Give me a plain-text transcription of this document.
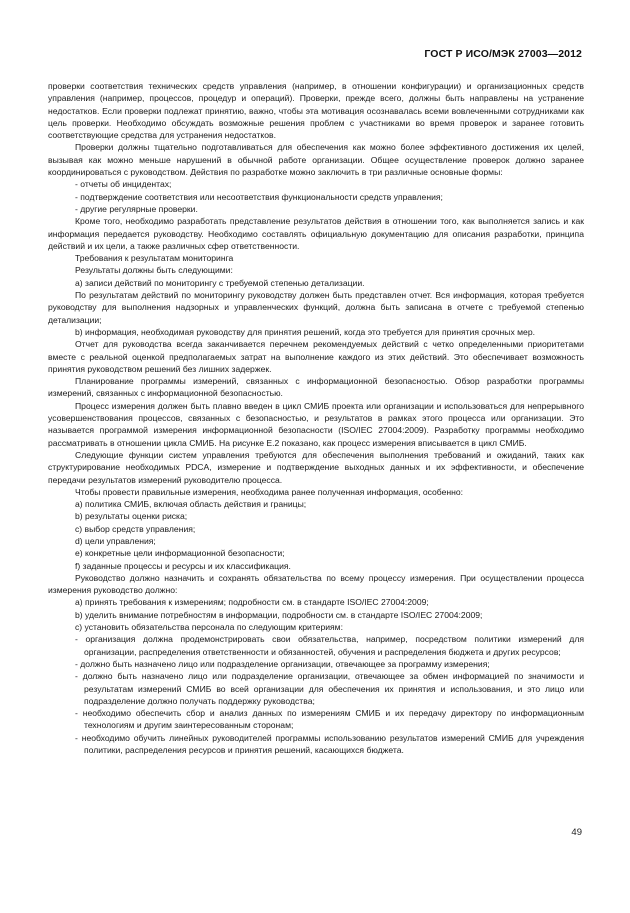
ГОСТ Р ИСО/МЭК 27003—2012

проверки соответствия технических средств управления (например, в отношении конфигурации) и организационных средств управления (например, процессов, процедур и операций). Проверки, прежде всего, должны быть направлены на устранение недостатков. Если проверки подлежат принятию, важно, чтобы эта мотивация осознавалась всеми вовлеченными сотрудниками как цель проверки. Необходимо обсуждать возможные решения проблем с участниками во время проверок и заранее готовить соответствующие средства для устранения недостатков.

Проверки должны тщательно подготавливаться для обеспечения как можно более эффективного достижения их целей, вызывая как можно меньше нарушений в обычной работе организации. Общее осуществление проверок должно заранее координироваться с руководством. Действия по разработке можно заключить в три различные основные формы:

- отчеты об инцидентах;

- подтверждение соответствия или несоответствия функциональности средств управления;

- другие регулярные проверки.

Кроме того, необходимо разработать представление результатов действия в отношении того, как выполняется запись и как информация передается руководству. Необходимо составлять официальную документацию для описания разработки, принципа действий и их цели, а также различных сфер ответственности.

Требования к результатам мониторинга

Результаты должны быть следующими:

а) записи действий по мониторингу с требуемой степенью детализации.

По результатам действий по мониторингу руководству должен быть представлен отчет. Вся информация, которая требуется руководству для выполнения надзорных и управленческих функций, должна быть записана в отчете с требуемой степенью детализации;

b) информация, необходимая руководству для принятия решений, когда это требуется для принятия срочных мер.

Отчет для руководства всегда заканчивается перечнем рекомендуемых действий с четко определенными приоритетами вместе с реальной оценкой предполагаемых затрат на выполнение каждого из этих действий. Это обеспечивает возможность принятия руководством решений без лишних задержек.

Планирование программы измерений, связанных с информационной безопасностью. Обзор разработки программы измерений, связанных с информационной безопасностью.

Процесс измерения должен быть плавно введен в цикл СМИБ проекта или организации и использоваться для непрерывного усовершенствования процессов, связанных с безопасностью, и результатов в рамках этого процесса или организации. Это называется программой измерения информационной безопасности (ISO/IEC 27004:2009). Разработку программы необходимо рассматривать в отношении цикла СМИБ. На рисунке Е.2 показано, как процесс измерения вписывается в цикл СМИБ.

Следующие функции систем управления требуются для обеспечения выполнения требований и ожиданий, таких как структурирование необходимых PDCA, измерение и подтверждение выходных данных и их эффективности, и обеспечение передачи результатов измерений руководителю процесса.

Чтобы провести правильные измерения, необходима ранее полученная информация, особенно:

а) политика СМИБ, включая область действия и границы;

b) результаты оценки риска;

с) выбор средств управления;

d) цели управления;

е) конкретные цели информационной безопасности;

f) заданные процессы и ресурсы и их классификация.

Руководство должно назначить и сохранять обязательства по всему процессу измерения. При осуществлении процесса измерения руководство должно:

а) принять требования к измерениям; подробности см. в стандарте ISO/IEC 27004:2009;

b) уделить внимание потребностям в информации, подробности см. в стандарте ISO/IEC 27004:2009;

с) установить обязательства персонала по следующим критериям:

- организация должна продемонстрировать свои обязательства, например, посредством политики измерений для организации, распределения ответственности и обязанностей, обучения и распределения бюджета и других ресурсов;

- должно быть назначено лицо или подразделение организации, отвечающее за программу измерения;

- должно быть назначено лицо или подразделение организации, отвечающее за обмен информацией по значимости и результатам измерений СМИБ во всей организации для обеспечения их принятия и использования, и это лицо или подразделение должно получать поддержку руководства;

- необходимо обеспечить сбор и анализ данных по измерениям СМИБ и их передачу директору по информационным технологиям и другим заинтересованным сторонам;

- необходимо обучить линейных руководителей программы использованию результатов измерений СМИБ для учреждения политики, распределения ресурсов и принятия решений, касающихся бюджета.

49
